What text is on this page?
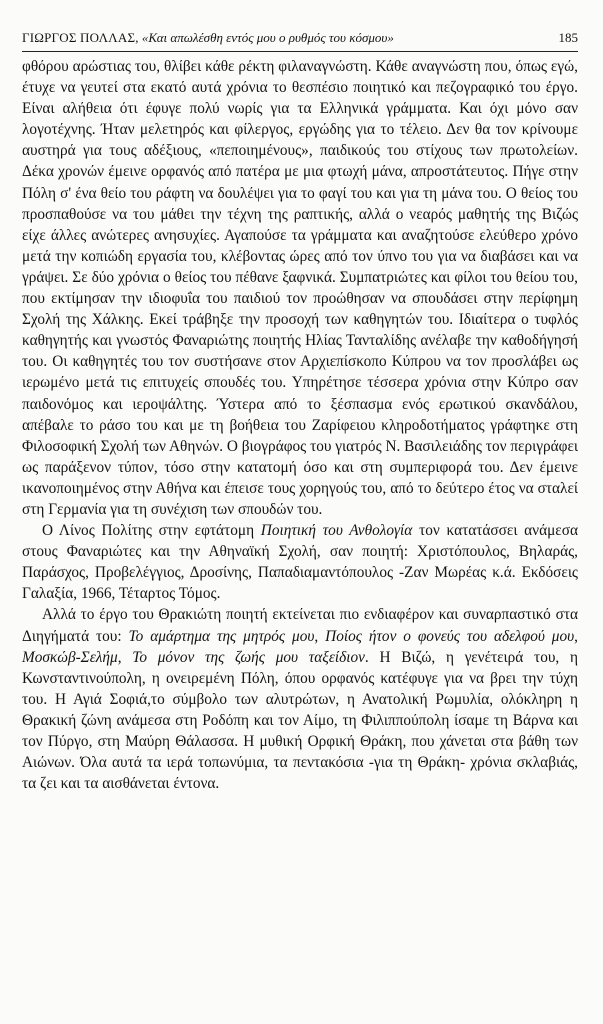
ΓΙΩΡΓΟΣ ΠΟΛΛΑΣ, «Και απωλέσθη εντός μου ο ρυθμός του κόσμου»	185

φθόρου αρώστιας του, θλίβει κάθε ρέκτη φιλαναγνώστη. Κάθε αναγνώστη που, όπως εγώ, έτυχε να γευτεί στα εκατό αυτά χρόνια το θεσπέσιο ποιητικό και πεζογραφικό του έργο. Είναι αλήθεια ότι έφυγε πολύ νωρίς για τα Ελληνικά γράμματα. Και όχι μόνο σαν λογοτέχνης. Ήταν μελετηρός και φίλεργος, εργώδης για το τέλειο. Δεν θα τον κρίνουμε αυστηρά για τους αδέξιους, «πεποιημένους», παιδικούς του στίχους των πρωτολείων. Δέκα χρονών έμεινε ορφανός από πατέρα με μια φτωχή μάνα, απροστάτευτος. Πήγε στην Πόλη σ' ένα θείο του ράφτη να δουλέψει για το φαγί του και για τη μάνα του. Ο θείος του προσπαθούσε να του μάθει την τέχνη της ραπτικής, αλλά ο νεαρός μαθητής της Βιζώς είχε άλλες ανώτερες ανησυχίες. Αγαπούσε τα γράμματα και αναζητούσε ελεύθερο χρόνο μετά την κοπιώδη εργασία του, κλέβοντας ώρες από τον ύπνο του για να διαβάσει και να γράψει. Σε δύο χρόνια ο θείος του πέθανε ξαφνικά. Συμπατριώτες και φίλοι του θείου του, που εκτίμησαν την ιδιοφυΐα του παιδιού τον προώθησαν να σπουδάσει στην περίφημη Σχολή της Χάλκης. Εκεί τράβηξε την προσοχή των καθηγητών του. Ιδιαίτερα ο τυφλός καθηγητής και γνωστός Φαναριώτης ποιητής Ηλίας Τανταλίδης ανέλαβε την καθοδήγησή του. Οι καθηγητές του τον συστήσανε στον Αρχιεπίσκοπο Κύπρου να τον προσλάβει ως ιερωμένο μετά τις επιτυχείς σπουδές του. Υπηρέτησε τέσσερα χρόνια στην Κύπρο σαν παιδονόμος και ιεροψάλτης. Ύστερα από το ξέσπασμα ενός ερωτικού σκανδάλου, απέβαλε το ράσο του και με τη βοήθεια του Ζαρίφειου κληροδοτήματος γράφτηκε στη Φιλοσοφική Σχολή των Αθηνών. Ο βιογράφος του γιατρός Ν. Βασιλειάδης τον περιγράφει ως παράξενον τύπον, τόσο στην κατατομή όσο και στη συμπεριφορά του. Δεν έμεινε ικανοποιημένος στην Αθήνα και έπεισε τους χορηγούς του, από το δεύτερο έτος να σταλεί στη Γερμανία για τη συνέχιση των σπουδών του.

Ο Λίνος Πολίτης στην εφτάτομη Ποιητική του Ανθολογία τον κατατάσσει ανάμεσα στους Φαναριώτες και την Αθηναϊκή Σχολή, σαν ποιητή: Χριστόπουλος, Βηλαράς, Παράσχος, Προβελέγγιος, Δροσίνης, Παπαδιαμαντόπουλος -Ζαν Μωρέας κ.ά. Εκδόσεις Γαλαξία, 1966, Τέταρτος Τόμος.

Αλλά το έργο του Θρακιώτη ποιητή εκτείνεται πιο ενδιαφέρον και συναρπαστικό στα Διηγήματά του: Το αμάρτημα της μητρός μου, Ποίος ήτον ο φονεύς του αδελφού μου, Μοσκώβ-Σελήμ, Το μόνον της ζωής μου ταξείδιον. Η Βιζώ, η γενέτειρά του, η Κωνσταντινούπολη, η ονειρεμένη Πόλη, όπου ορφανός κατέφυγε για να βρει την τύχη του. Η Αγιά Σοφιά,το σύμβολο των αλυτρώτων, η Ανατολική Ρωμυλία, ολόκληρη η Θρακική ζώνη ανάμεσα στη Ροδόπη και τον Αίμο, τη Φιλιππούπολη ίσαμε τη Βάρνα και τον Πύργο, στη Μαύρη Θάλασσα. Η μυθική Ορφική Θράκη, που χάνεται στα βάθη των Αιώνων. Όλα αυτά τα ιερά τοπωνύμια, τα πεντακόσια -για τη Θράκη- χρόνια σκλαβιάς, τα ζει και τα αισθάνεται έντονα.
